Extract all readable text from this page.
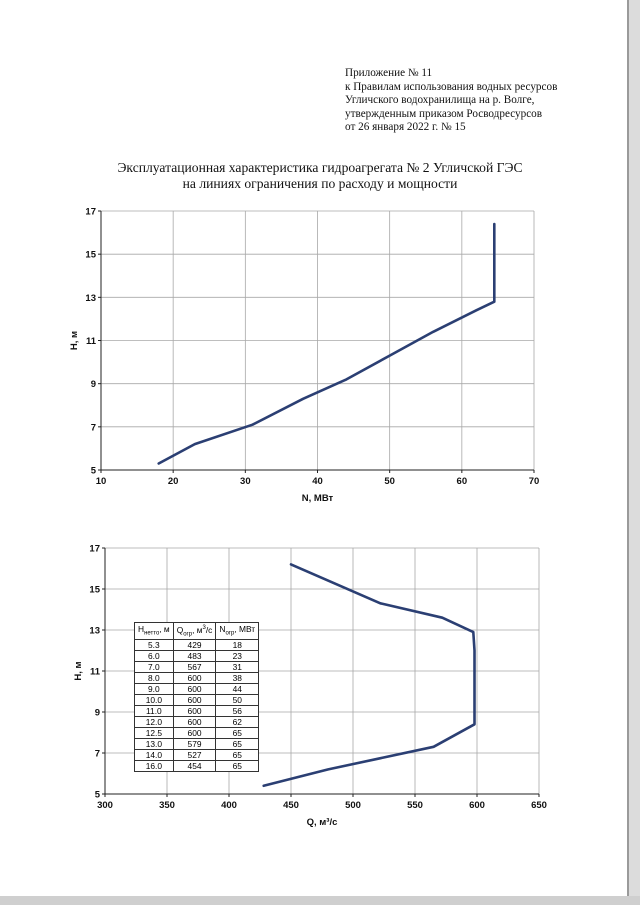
Приложение № 11
к Правилам использования водных ресурсов
Угличского водохранилища на р. Волге,
утвержденным приказом Росводресурсов
от 26 января 2022 г. № 15
Эксплуатационная характеристика гидроагрегата № 2 Угличской ГЭС
на линиях ограничения по расходу и мощности
10	20	30	40	50	60	70
5
7
9
11
13
15
17
N, МВт
H, м
300	350	400	450	500	550	600	650
5
7
9
11
13
15
17
Q, м³/с
H, м
$H_{нетто}$, м	$Q_{огр}$, $м^3/с$	$N_{огр}$, МВт
5.3	429	18
6.0	483	23
7.0	567	31
8.0	600	38
9.0	600	44
10.0	600	50
11.0	600	56
12.0	600	62
12.5	600	65
13.0	579	65
14.0	527	65
16.0	454	65
